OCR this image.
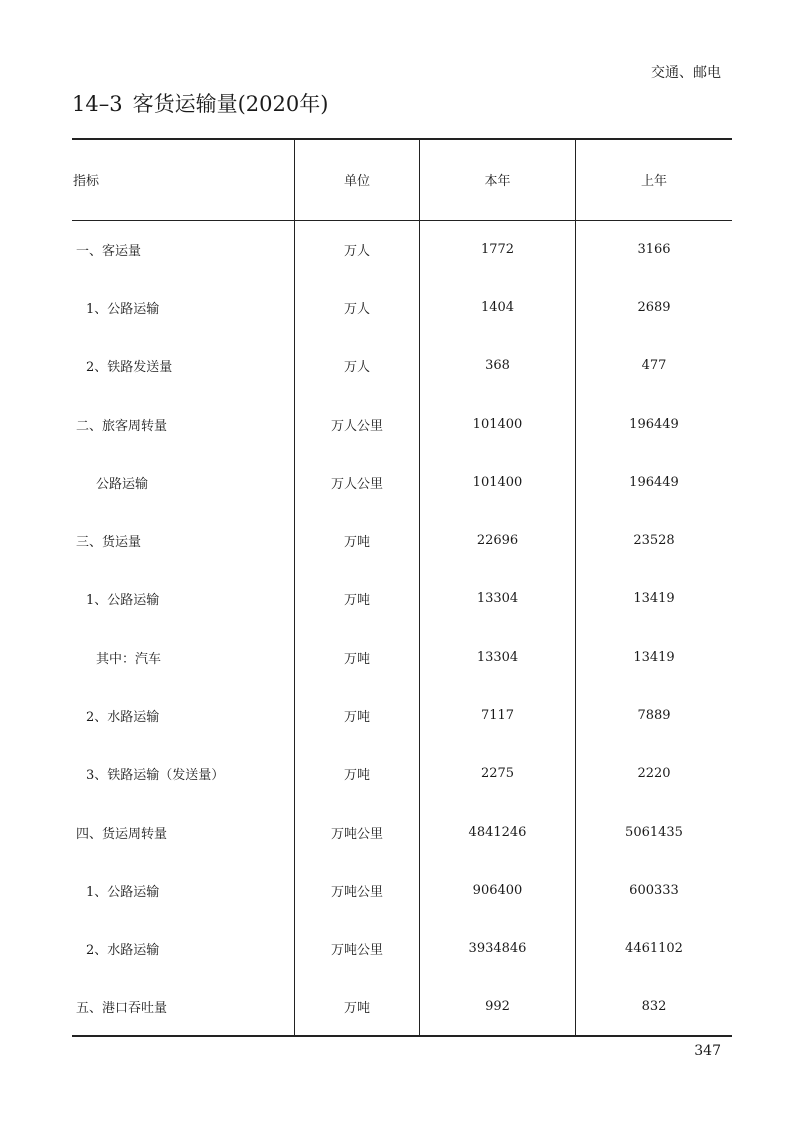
交通、邮电
14–3 客货运输量(2020年)
指标	单位	本年	上年
一、客运量	万人	1772	3166
1、公路运输	万人	1404	2689
2、铁路发送量	万人	368	477
二、旅客周转量	万人公里	101400	196449
公路运输	万人公里	101400	196449
三、货运量	万吨	22696	23528
1、公路运输	万吨	13304	13419
其中：汽车	万吨	13304	13419
2、水路运输	万吨	7117	7889
3、铁路运输（发送量）	万吨	2275	2220
四、货运周转量	万吨公里	4841246	5061435
1、公路运输	万吨公里	906400	600333
2、水路运输	万吨公里	3934846	4461102
五、港口吞吐量	万吨	992	832
347
